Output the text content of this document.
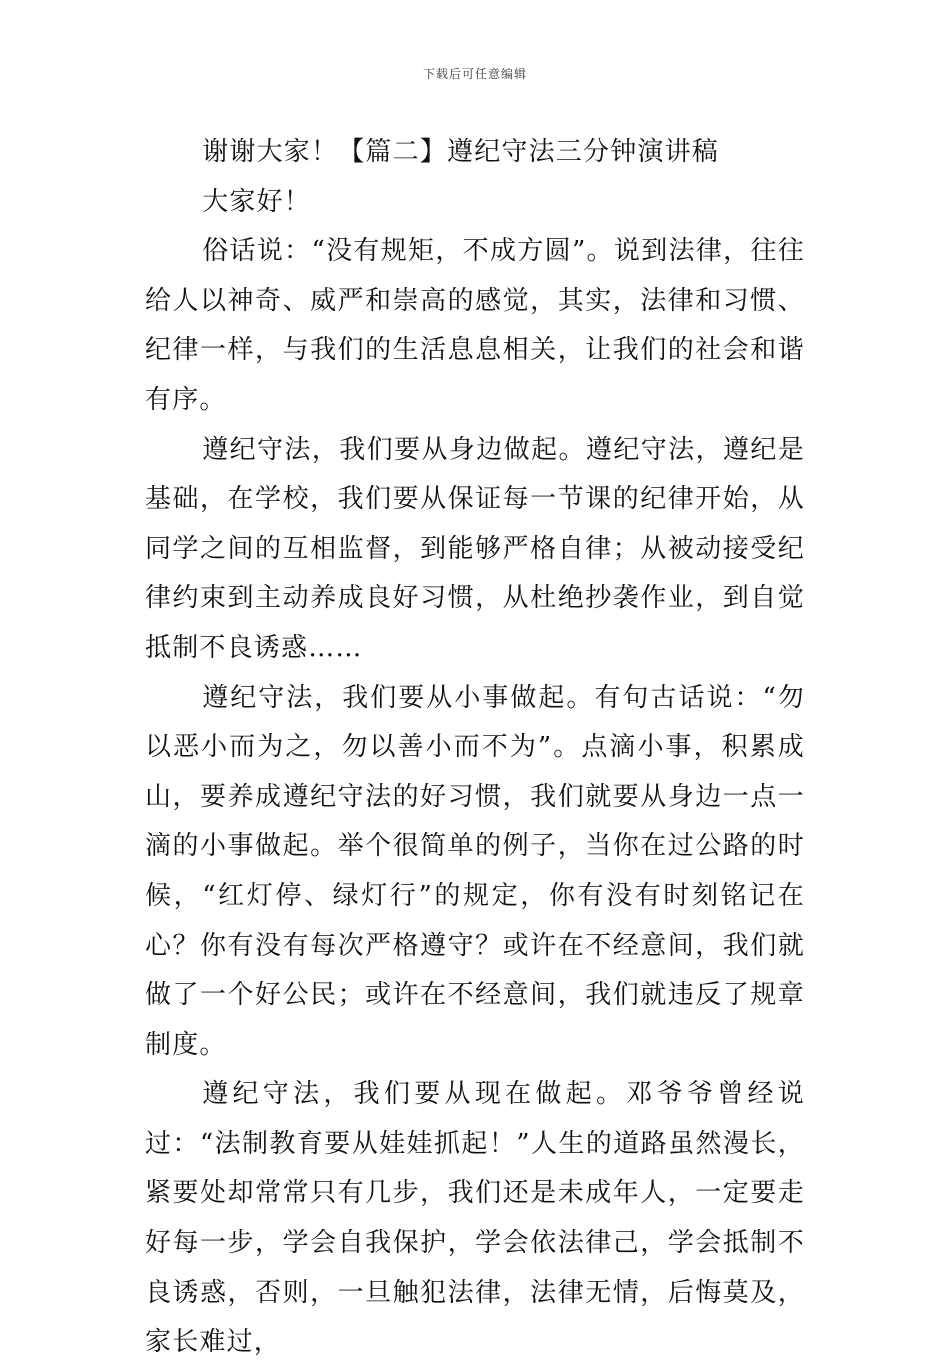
下载后可任意编辑

谢谢大家！【篇二】遵纪守法三分钟演讲稿

大家好！

俗话说：“没有规矩，不成方圆”。说到法律，往往给人以神奇、威严和崇高的感觉，其实，法律和习惯、纪律一样，与我们的生活息息相关，让我们的社会和谐有序。

遵纪守法，我们要从身边做起。遵纪守法，遵纪是基础，在学校，我们要从保证每一节课的纪律开始，从同学之间的互相监督，到能够严格自律；从被动接受纪律约束到主动养成良好习惯，从杜绝抄袭作业，到自觉抵制不良诱惑……

遵纪守法，我们要从小事做起。有句古话说：“勿以恶小而为之，勿以善小而不为”。点滴小事，积累成山，要养成遵纪守法的好习惯，我们就要从身边一点一滴的小事做起。举个很简单的例子，当你在过公路的时候，“红灯停、绿灯行”的规定，你有没有时刻铭记在心？你有没有每次严格遵守？或许在不经意间，我们就做了一个好公民；或许在不经意间，我们就违反了规章制度。

遵纪守法，我们要从现在做起。邓爷爷曾经说过：“法制教育要从娃娃抓起！”人生的道路虽然漫长，紧要处却常常只有几步，我们还是未成年人，一定要走好每一步，学会自我保护，学会依法律己，学会抵制不良诱惑，否则，一旦触犯法律，法律无情，后悔莫及，家长难过，
